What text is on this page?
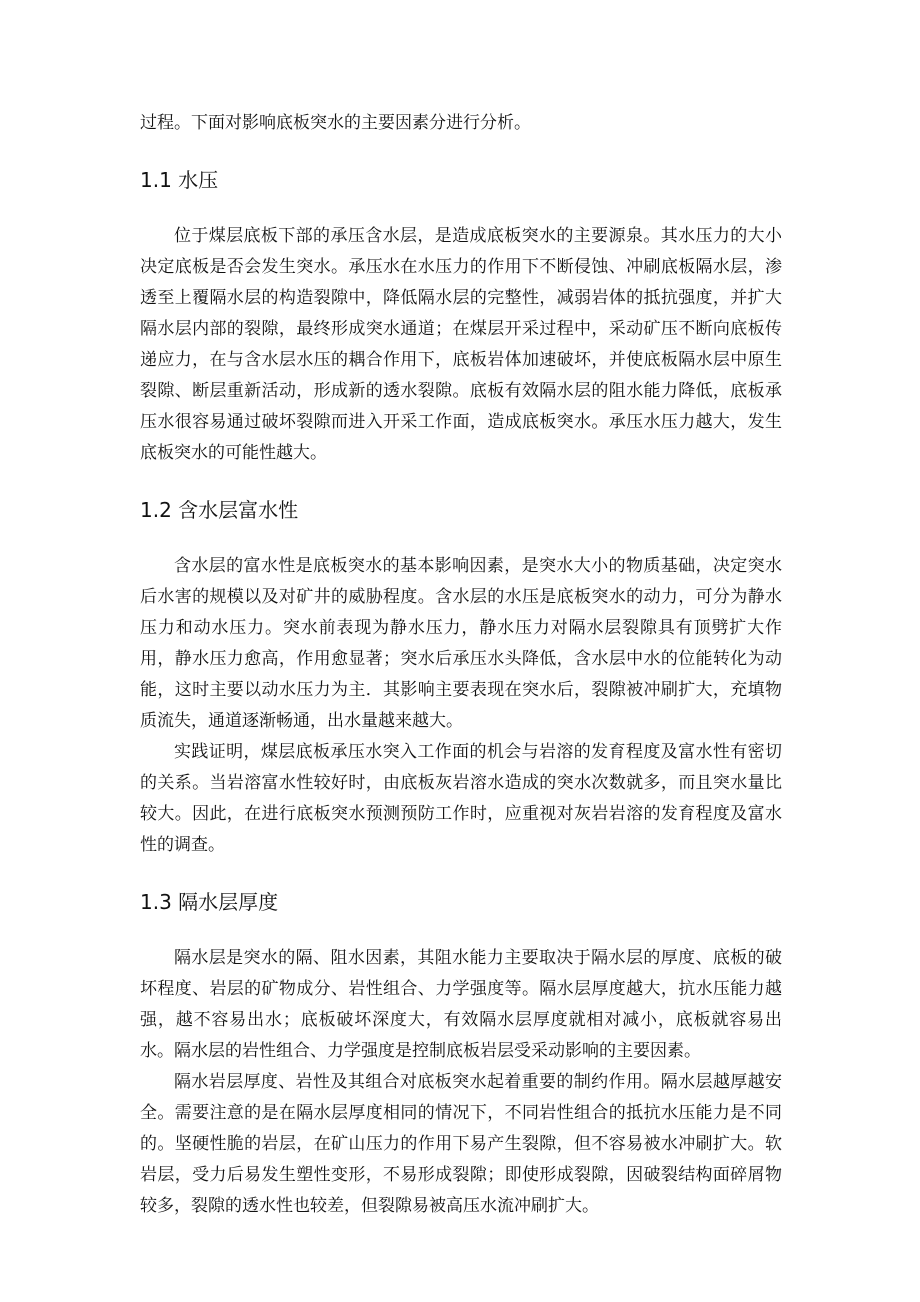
过程。下面对影响底板突水的主要因素分进行分析。

1.1 水压

位于煤层底板下部的承压含水层，是造成底板突水的主要源泉。其水压力的大小决定底板是否会发生突水。承压水在水压力的作用下不断侵蚀、冲刷底板隔水层，渗透至上覆隔水层的构造裂隙中，降低隔水层的完整性，减弱岩体的抵抗强度，并扩大隔水层内部的裂隙，最终形成突水通道；在煤层开采过程中，采动矿压不断向底板传递应力，在与含水层水压的耦合作用下，底板岩体加速破坏，并使底板隔水层中原生裂隙、断层重新活动，形成新的透水裂隙。底板有效隔水层的阻水能力降低，底板承压水很容易通过破坏裂隙而进入开采工作面，造成底板突水。承压水压力越大，发生底板突水的可能性越大。

1.2 含水层富水性

含水层的富水性是底板突水的基本影响因素，是突水大小的物质基础，决定突水后水害的规模以及对矿井的威胁程度。含水层的水压是底板突水的动力，可分为静水压力和动水压力。突水前表现为静水压力，静水压力对隔水层裂隙具有顶劈扩大作用，静水压力愈高，作用愈显著；突水后承压水头降低，含水层中水的位能转化为动能，这时主要以动水压力为主．其影响主要表现在突水后，裂隙被冲刷扩大，充填物质流失，通道逐渐畅通，出水量越来越大。

实践证明，煤层底板承压水突入工作面的机会与岩溶的发育程度及富水性有密切的关系。当岩溶富水性较好时，由底板灰岩溶水造成的突水次数就多，而且突水量比较大。因此，在进行底板突水预测预防工作时，应重视对灰岩岩溶的发育程度及富水性的调查。

1.3 隔水层厚度

隔水层是突水的隔、阻水因素，其阻水能力主要取决于隔水层的厚度、底板的破坏程度、岩层的矿物成分、岩性组合、力学强度等。隔水层厚度越大，抗水压能力越强，越不容易出水；底板破坏深度大，有效隔水层厚度就相对减小，底板就容易出水。隔水层的岩性组合、力学强度是控制底板岩层受采动影响的主要因素。

隔水岩层厚度、岩性及其组合对底板突水起着重要的制约作用。隔水层越厚越安全。需要注意的是在隔水层厚度相同的情况下，不同岩性组合的抵抗水压能力是不同的。坚硬性脆的岩层，在矿山压力的作用下易产生裂隙，但不容易被水冲刷扩大。软岩层，受力后易发生塑性变形，不易形成裂隙；即使形成裂隙，因破裂结构面碎屑物较多，裂隙的透水性也较差，但裂隙易被高压水流冲刷扩大。
